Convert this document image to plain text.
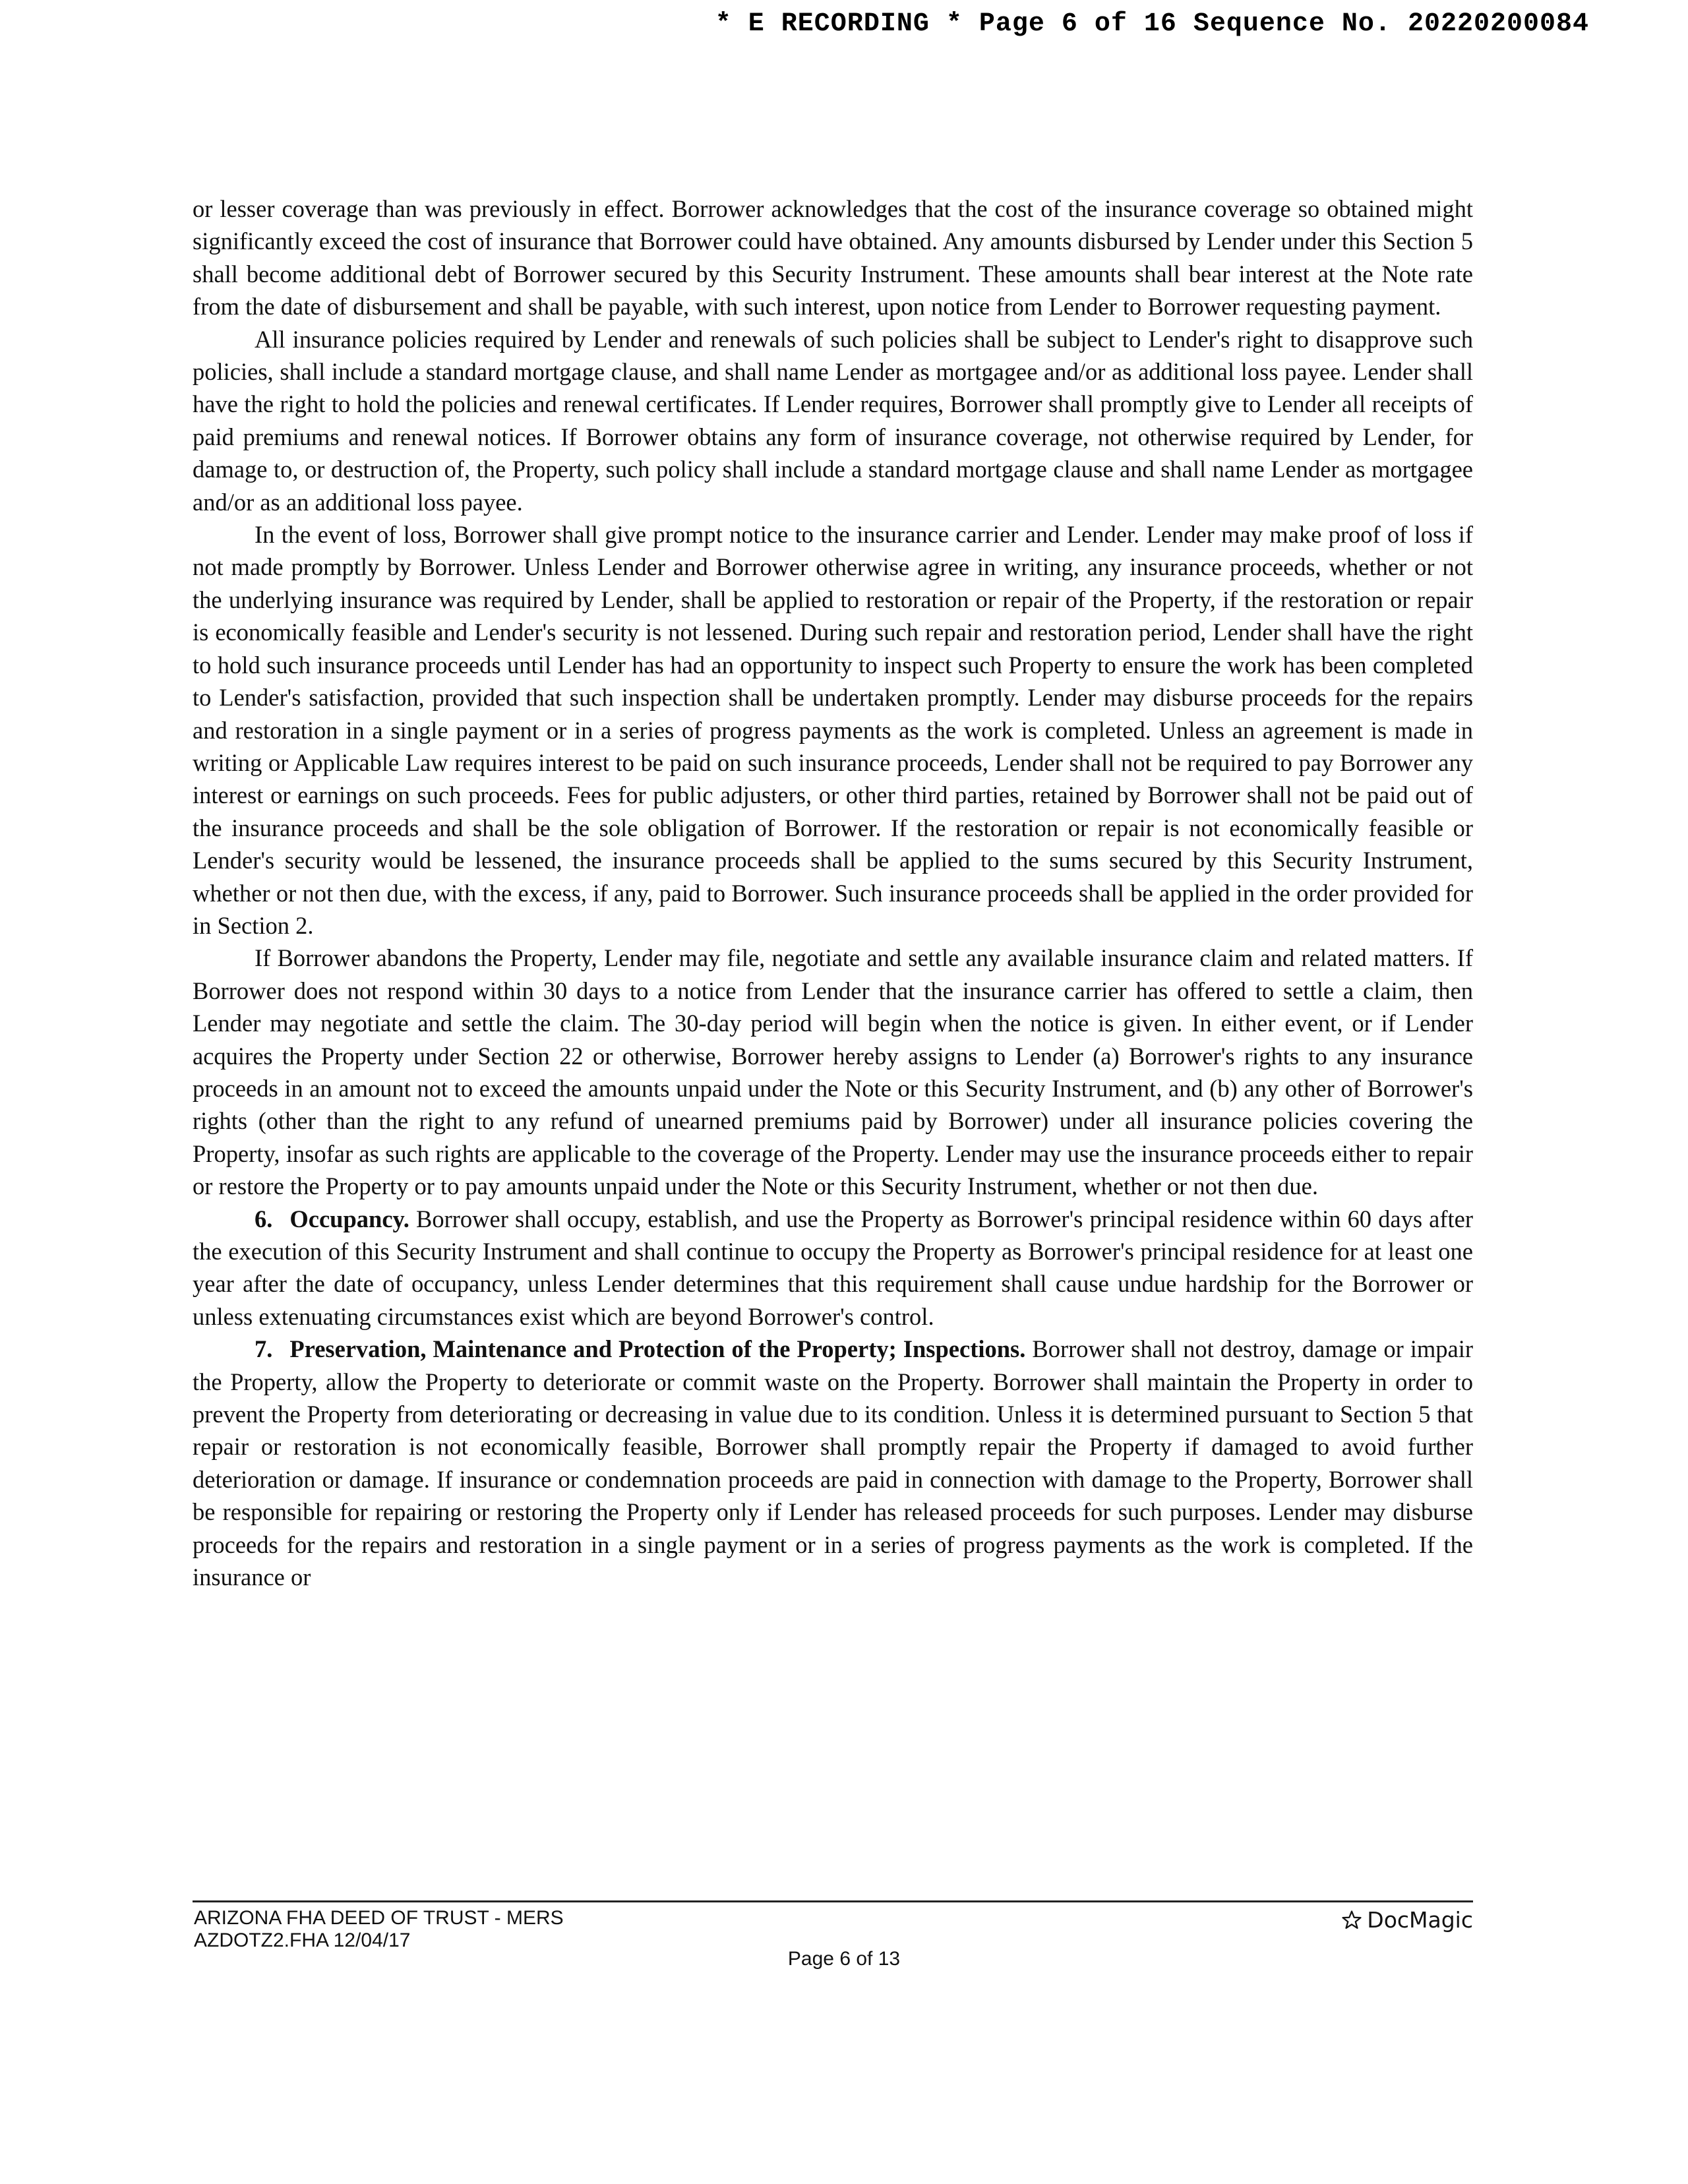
* E RECORDING * Page 6 of 16 Sequence No. 20220200084

or lesser coverage than was previously in effect. Borrower acknowledges that the cost of the insurance coverage so obtained might significantly exceed the cost of insurance that Borrower could have obtained. Any amounts disbursed by Lender under this Section 5 shall become additional debt of Borrower secured by this Security Instrument. These amounts shall bear interest at the Note rate from the date of disbursement and shall be payable, with such interest, upon notice from Lender to Borrower requesting payment.

All insurance policies required by Lender and renewals of such policies shall be subject to Lender's right to disapprove such policies, shall include a standard mortgage clause, and shall name Lender as mortgagee and/or as additional loss payee. Lender shall have the right to hold the policies and renewal certificates. If Lender requires, Borrower shall promptly give to Lender all receipts of paid premiums and renewal notices. If Borrower obtains any form of insurance coverage, not otherwise required by Lender, for damage to, or destruction of, the Property, such policy shall include a standard mortgage clause and shall name Lender as mortgagee and/or as an additional loss payee.

In the event of loss, Borrower shall give prompt notice to the insurance carrier and Lender. Lender may make proof of loss if not made promptly by Borrower. Unless Lender and Borrower otherwise agree in writing, any insurance proceeds, whether or not the underlying insurance was required by Lender, shall be applied to restoration or repair of the Property, if the restoration or repair is economically feasible and Lender's security is not lessened. During such repair and restoration period, Lender shall have the right to hold such insurance proceeds until Lender has had an opportunity to inspect such Property to ensure the work has been completed to Lender's satisfaction, provided that such inspection shall be undertaken promptly. Lender may disburse proceeds for the repairs and restoration in a single payment or in a series of progress payments as the work is completed. Unless an agreement is made in writing or Applicable Law requires interest to be paid on such insurance proceeds, Lender shall not be required to pay Borrower any interest or earnings on such proceeds. Fees for public adjusters, or other third parties, retained by Borrower shall not be paid out of the insurance proceeds and shall be the sole obligation of Borrower. If the restoration or repair is not economically feasible or Lender's security would be lessened, the insurance proceeds shall be applied to the sums secured by this Security Instrument, whether or not then due, with the excess, if any, paid to Borrower. Such insurance proceeds shall be applied in the order provided for in Section 2.

If Borrower abandons the Property, Lender may file, negotiate and settle any available insurance claim and related matters. If Borrower does not respond within 30 days to a notice from Lender that the insurance carrier has offered to settle a claim, then Lender may negotiate and settle the claim. The 30-day period will begin when the notice is given. In either event, or if Lender acquires the Property under Section 22 or otherwise, Borrower hereby assigns to Lender (a) Borrower's rights to any insurance proceeds in an amount not to exceed the amounts unpaid under the Note or this Security Instrument, and (b) any other of Borrower's rights (other than the right to any refund of unearned premiums paid by Borrower) under all insurance policies covering the Property, insofar as such rights are applicable to the coverage of the Property. Lender may use the insurance proceeds either to repair or restore the Property or to pay amounts unpaid under the Note or this Security Instrument, whether or not then due.

6. Occupancy. Borrower shall occupy, establish, and use the Property as Borrower's principal residence within 60 days after the execution of this Security Instrument and shall continue to occupy the Property as Borrower's principal residence for at least one year after the date of occupancy, unless Lender determines that this requirement shall cause undue hardship for the Borrower or unless extenuating circumstances exist which are beyond Borrower's control.

7. Preservation, Maintenance and Protection of the Property; Inspections. Borrower shall not destroy, damage or impair the Property, allow the Property to deteriorate or commit waste on the Property. Borrower shall maintain the Property in order to prevent the Property from deteriorating or decreasing in value due to its condition. Unless it is determined pursuant to Section 5 that repair or restoration is not economically feasible, Borrower shall promptly repair the Property if damaged to avoid further deterioration or damage. If insurance or condemnation proceeds are paid in connection with damage to the Property, Borrower shall be responsible for repairing or restoring the Property only if Lender has released proceeds for such purposes. Lender may disburse proceeds for the repairs and restoration in a single payment or in a series of progress payments as the work is completed. If the insurance or

ARIZONA FHA DEED OF TRUST - MERS
AZDOTZ2.FHA 12/04/17
DocMagic
Page 6 of 13
